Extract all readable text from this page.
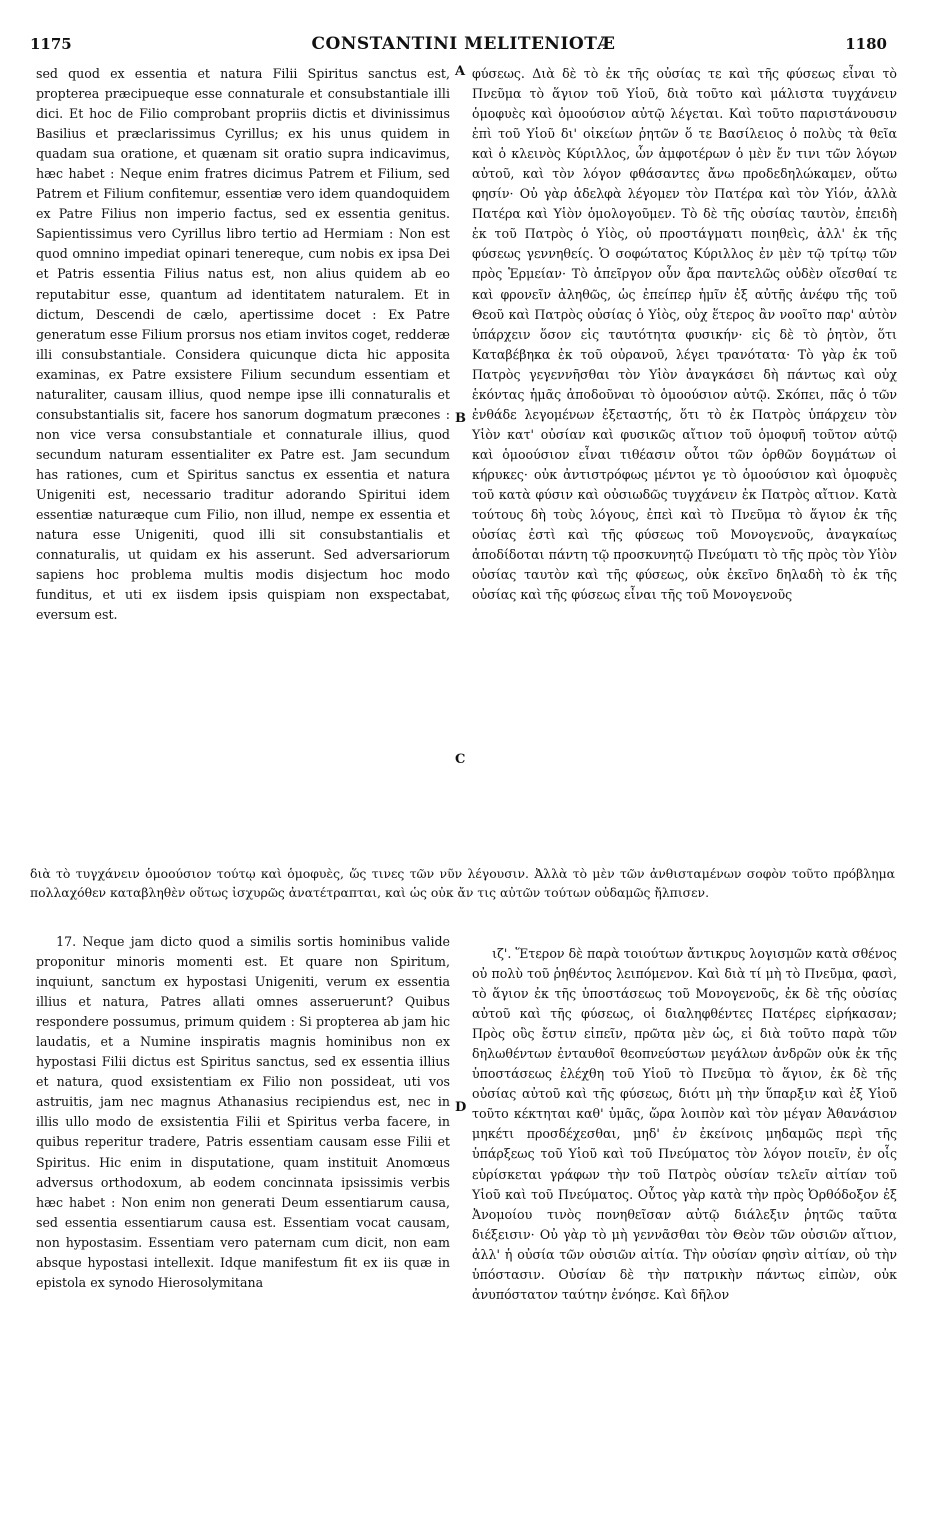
1175	CONSTANTINI MELITENIOTÆ	1180
A
B
C
D

sed quod ex essentia et natura Filii Spiritus sanctus est, propterea præcipueque esse connaturale et consubstantiale illi dici. Et hoc de Filio comprobant propriis dictis et divinissimus Basilius et præclarissimus Cyrillus; ex his unus quidem in quadam sua oratione, et quænam sit oratio supra indicavimus, hæc habet : Neque enim fratres dicimus Patrem et Filium, sed Patrem et Filium confitemur, essentiæ vero idem quandoquidem ex Patre Filius non imperio factus, sed ex essentia genitus. Sapientissimus vero Cyrillus libro tertio ad Hermiam : Non est quod omnino impediat opinari tenereque, cum nobis ex ipsa Dei et Patris essentia Filius natus est, non alius quidem ab eo reputabitur esse, quantum ad identitatem naturalem. Et in dictum, Descendi de cælo, apertissime docet : Ex Patre generatum esse Filium prorsus nos etiam invitos coget, redderæ illi consubstantiale. Considera quicunque dicta hic apposita examinas, ex Patre exsistere Filium secundum essentiam et naturaliter, causam illius, quod nempe ipse illi connaturalis et consubstantialis sit, facere hos sanorum dogmatum præcones : non vice versa consubstantiale et connaturale illius, quod secundum naturam essentialiter ex Patre est. Jam secundum has rationes, cum et Spiritus sanctus ex essentia et natura Unigeniti est, necessario traditur adorando Spiritui idem essentiæ naturæque cum Filio, non illud, nempe ex essentia et natura esse Unigeniti, quod illi sit consubstantialis et connaturalis, ut quidam ex his asserunt. Sed adversariorum sapiens hoc problema multis modis disjectum hoc modo funditus, et uti ex iisdem ipsis quispiam non exspectabat, eversum est.

φύσεως. Διὰ δὲ τὸ ἐκ τῆς οὐσίας τε καὶ τῆς φύσεως εἶναι τὸ Πνεῦμα τὸ ἅγιον τοῦ Υἱοῦ, διὰ τοῦτο καὶ μάλιστα τυγχάνειν ὁμοφυὲς καὶ ὁμοούσιον αὐτῷ λέγεται. Καὶ τοῦτο παριστάνουσιν ἐπὶ τοῦ Υἱοῦ δι' οἰκείων ῥητῶν ὅ τε Βασίλειος ὁ πολὺς τὰ θεῖα καὶ ὁ κλεινὸς Κύριλλος, ὧν ἀμφοτέρων ὁ μὲν ἔν τινι τῶν λόγων αὐτοῦ, καὶ τὸν λόγον φθάσαντες ἄνω προδεδηλώκαμεν, οὕτω φησίν· Οὐ γὰρ ἀδελφὰ λέγομεν τὸν Πατέρα καὶ τὸν Υἱόν, ἀλλὰ Πατέρα καὶ Υἱὸν ὁμολογοῦμεν. Τὸ δὲ τῆς οὐσίας ταυτὸν, ἐπειδὴ ἐκ τοῦ Πατρὸς ὁ Υἱὸς, οὐ προστάγματι ποιηθεὶς, ἀλλ' ἐκ τῆς φύσεως γεννηθείς. Ὁ σοφώτατος Κύριλλος ἐν μὲν τῷ τρίτῳ τῶν πρὸς Ἑρμείαν· Τὸ ἀπεῖργον οὖν ἄρα παντελῶς οὐδὲν οἴεσθαί τε καὶ φρονεῖν ἀληθῶς, ὡς ἐπείπερ ἡμῖν ἐξ αὐτῆς ἀνέφυ τῆς τοῦ Θεοῦ καὶ Πατρὸς οὐσίας ὁ Υἱὸς, οὐχ ἕτερος ἂν νοοῖτο παρ' αὐτὸν ὑπάρχειν ὅσον εἰς ταυτότητα φυσικήν· εἰς δὲ τὸ ῥητὸν, ὅτι Καταβέβηκα ἐκ τοῦ οὐρανοῦ, λέγει τρανότατα· Τὸ γὰρ ἐκ τοῦ Πατρὸς γεγεννῆσθαι τὸν Υἱὸν ἀναγκάσει δὴ πάντως καὶ οὐχ ἑκόντας ἡμᾶς ἀποδοῦναι τὸ ὁμοούσιον αὐτῷ. Σκόπει, πᾶς ὁ τῶν ἐνθάδε λεγομένων ἐξεταστής, ὅτι τὸ ἐκ Πατρὸς ὑπάρχειν τὸν Υἱὸν κατ' οὐσίαν καὶ φυσικῶς αἴτιον τοῦ ὁμοφυῆ τοῦτον αὐτῷ καὶ ὁμοούσιον εἶναι τιθέασιν οὗτοι τῶν ὀρθῶν δογμάτων οἱ κήρυκες· οὐκ ἀντιστρόφως μέντοι γε τὸ ὁμοούσιον καὶ ὁμοφυὲς τοῦ κατὰ φύσιν καὶ οὐσιωδῶς τυγχάνειν ἐκ Πατρὸς αἴτιον. Κατὰ τούτους δὴ τοὺς λόγους, ἐπεὶ καὶ τὸ Πνεῦμα τὸ ἅγιον ἐκ τῆς οὐσίας ἐστὶ καὶ τῆς φύσεως τοῦ Μονογενοῦς, ἀναγκαίως ἀποδίδοται πάντη τῷ προσκυνητῷ Πνεύματι τὸ τῆς πρὸς τὸν Υἱὸν οὐσίας ταυτὸν καὶ τῆς φύσεως, οὐκ ἐκεῖνο δηλαδὴ τὸ ἐκ τῆς οὐσίας καὶ τῆς φύσεως εἶναι τῆς τοῦ Μονογενοῦς

διὰ τὸ τυγχάνειν ὁμοούσιον τούτῳ καὶ ὁμοφυὲς, ὥς τινες τῶν νῦν λέγουσιν. Ἀλλὰ τὸ μὲν τῶν ἀνθισταμένων σοφὸν τοῦτο πρόβλημα πολλαχόθεν καταβληθὲν οὕτως ἰσχυρῶς ἀνατέτραπται, καὶ ὡς οὐκ ἄν τις αὐτῶν τούτων οὐδαμῶς ἤλπισεν.

17. Neque jam dicto quod a similis sortis hominibus valide proponitur minoris momenti est. Et quare non Spiritum, inquiunt, sanctum ex hypostasi Unigeniti, verum ex essentia illius et natura, Patres allati omnes asseruerunt? Quibus respondere possumus, primum quidem : Si propterea ab jam hic laudatis, et a Numine inspiratis magnis hominibus non ex hypostasi Filii dictus est Spiritus sanctus, sed ex essentia illius et natura, quod exsistentiam ex Filio non possideat, uti vos astruitis, jam nec magnus Athanasius recipiendus est, nec in illis ullo modo de exsistentia Filii et Spiritus verba facere, in quibus reperitur tradere, Patris essentiam causam esse Filii et Spiritus. Hic enim in disputatione, quam instituit Anomœus adversus orthodoxum, ab eodem concinnata ipsissimis verbis hæc habet : Non enim non generati Deum essentiarum causa, sed essentia essentiarum causa est. Essentiam vocat causam, non hypostasim. Essentiam vero paternam cum dicit, non eam absque hypostasi intellexit. Idque manifestum fit ex iis quæ in epistola ex synodo Hierosolymitana

ιζ'. Ἕτερον δὲ παρὰ τοιούτων ἄντικρυς λογισμῶν κατὰ σθένος οὐ πολὺ τοῦ ῥηθέντος λειπόμενον. Καὶ διὰ τί μὴ τὸ Πνεῦμα, φασὶ, τὸ ἅγιον ἐκ τῆς ὑποστάσεως τοῦ Μονογενοῦς, ἐκ δὲ τῆς οὐσίας αὐτοῦ καὶ τῆς φύσεως, οἱ διαληφθέντες Πατέρες εἰρήκασαν; Πρὸς οὓς ἔστιν εἰπεῖν, πρῶτα μὲν ὡς, εἰ διὰ τοῦτο παρὰ τῶν δηλωθέντων ἐνταυθοῖ θεοπνεύστων μεγάλων ἀνδρῶν οὐκ ἐκ τῆς ὑποστάσεως ἐλέχθη τοῦ Υἱοῦ τὸ Πνεῦμα τὸ ἅγιον, ἐκ δὲ τῆς οὐσίας αὐτοῦ καὶ τῆς φύσεως, διότι μὴ τὴν ὕπαρξιν καὶ ἐξ Υἱοῦ τοῦτο κέκτηται καθ' ὑμᾶς, ὥρα λοιπὸν καὶ τὸν μέγαν Ἀθανάσιον μηκέτι προσδέχεσθαι, μηδ' ἐν ἐκείνοις μηδαμῶς περὶ τῆς ὑπάρξεως τοῦ Υἱοῦ καὶ τοῦ Πνεύματος τὸν λόγον ποιεῖν, ἐν οἷς εὑρίσκεται γράφων τὴν τοῦ Πατρὸς οὐσίαν τελεῖν αἰτίαν τοῦ Υἱοῦ καὶ τοῦ Πνεύματος. Οὗτος γὰρ κατὰ τὴν πρὸς Ὀρθόδοξον ἐξ Ἀνομοίου τινὸς πονηθεῖσαν αὐτῷ διάλεξιν ῥητῶς ταῦτα διέξεισιν· Οὐ γὰρ τὸ μὴ γεννᾶσθαι τὸν Θεὸν τῶν οὐσιῶν αἴτιον, ἀλλ' ἡ οὐσία τῶν οὐσιῶν αἰτία. Τὴν οὐσίαν φησὶν αἰτίαν, οὐ τὴν ὑπόστασιν. Οὐσίαν δὲ τὴν πατρικὴν πάντως εἰπὼν, οὐκ ἀνυπόστατον ταύτην ἐνόησε. Καὶ δῆλον
